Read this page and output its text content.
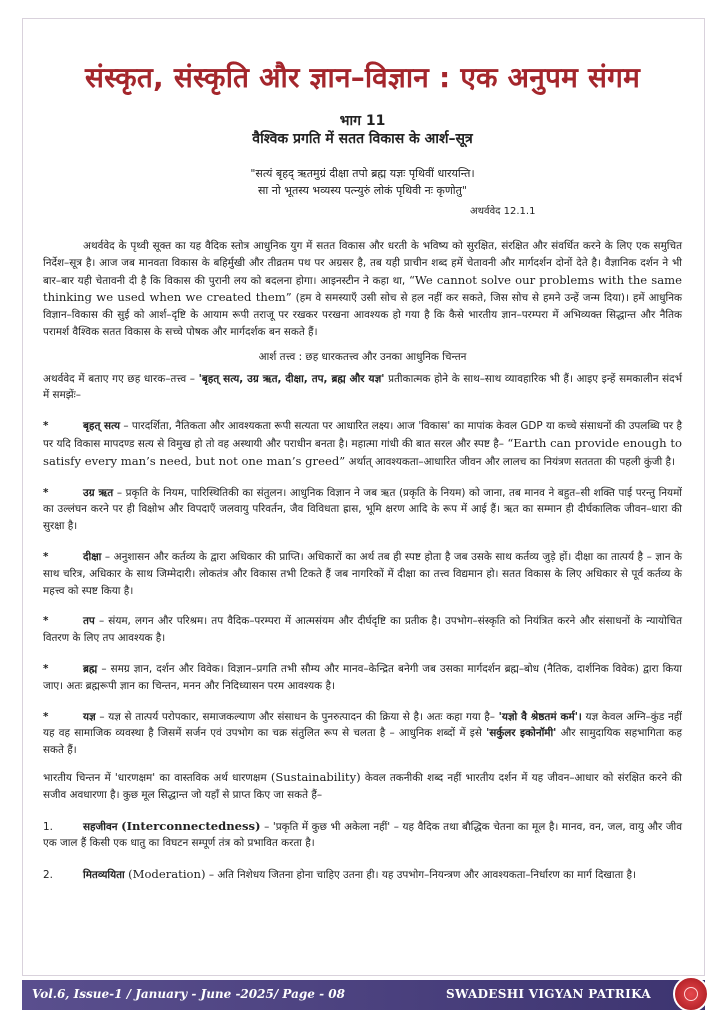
संस्कृत, संस्कृति और ज्ञान–विज्ञान : एक अनुपम संगम
भाग 11
वैश्विक प्रगति में सतत विकास के आर्श–सूत्र
"सत्यं बृहद् ऋतमुग्रं दीक्षा तपो ब्रह्म यज्ञः पृथिवीं धारयन्ति।
सा नो भूतस्य भव्यस्य पत्न्युरुं लोकं पृथिवी नः कृणोतु"
अथर्ववेद 12.1.1

अथर्ववेद के पृथ्वी सूक्त का यह वैदिक स्तोत्र आधुनिक युग में सतत विकास और धरती के भविष्य को सुरक्षित, संरक्षित और संवर्धित करने के लिए एक समुचित निर्देश–सूत्र है। आज जब मानवता विकास के बहिर्मुखी और तीव्रतम पथ पर अग्रसर है, तब यही प्राचीन शब्द हमें चेतावनी और मार्गदर्शन दोनों देते है। वैज्ञानिक दर्शन ने भी बार–बार यही चेतावनी दी है कि विकास की पुरानी लय को बदलना होगा। आइनस्टीन ने कहा था, “We cannot solve our problems with the same thinking we used when we created them” (हम वे समस्याएँ उसी सोच से हल नहीं कर सकते, जिस सोच से हमने उन्हें जन्म दिया)। हमें आधुनिक विज्ञान–विकास की सुई को आर्श–दृष्टि के आयाम रूपी तराजू पर रखकर परखना आवश्यक हो गया है कि कैसे भारतीय ज्ञान–परम्परा में अभिव्यक्त सिद्धान्त और नैतिक परामर्श वैश्विक सतत विकास के सच्चे पोषक और मार्गदर्शक बन सकते हैं।

आर्श तत्त्व : छह धारकतत्त्व और उनका आधुनिक चिन्तन

अथर्ववेद में बताए गए छह धारक–तत्त्व – 'बृहत् सत्य, उग्र ऋत, दीक्षा, तप, ब्रह्म और यज्ञ' प्रतीकात्मक होने के साथ–साथ व्यावहारिक भी हैं। आइए इन्हें समकालीन संदर्भ में समझेंः–

*	बृहत् सत्य – पारदर्शिता, नैतिकता और आवश्यकता रूपी सत्यता पर आधारित लक्ष्य। आज 'विकास' का मापांक केवल GDP या कच्चे संसाधनों की उपलब्धि पर है पर यदि विकास मापदण्ड सत्य से विमुख हो तो वह अस्थायी और पराधीन बनता है। महात्मा गांधी की बात सरल और स्पष्ट है– “Earth can provide enough to satisfy every man’s need, but not one man’s greed” अर्थात् आवश्यकता–आधारित जीवन और लालच का नियंत्रण सततता की पहली कुंजी है।

*	उग्र ऋत – प्रकृति के नियम, पारिस्थितिकी का संतुलन। आधुनिक विज्ञान ने जब ऋत (प्रकृति के नियम) को जाना, तब मानव ने बहुत–सी शक्ति पाई परन्तु नियमों का उल्लंघन करने पर ही विक्षोभ और विपदाएँ जलवायु परिवर्तन, जैव विविधता ह्रास, भूमि क्षरण आदि के रूप में आई हैं। ऋत का सम्मान ही दीर्घकालिक जीवन–धारा की सुरक्षा है।

*	दीक्षा – अनुशासन और कर्तव्य के द्वारा अधिकार की प्राप्ति। अधिकारों का अर्थ तब ही स्पष्ट होता है जब उसके साथ कर्तव्य जुड़े हों। दीक्षा का तात्पर्य है – ज्ञान के साथ चरित्र, अधिकार के साथ जिम्मेदारी। लोकतंत्र और विकास तभी टिकते हैं जब नागरिकों में दीक्षा का तत्त्व विद्यमान हो। सतत विकास के लिए अधिकार से पूर्व कर्तव्य के महत्त्व को स्पष्ट किया है।

*	तप – संयम, लगन और परिश्रम। तप वैदिक–परम्परा में आत्मसंयम और दीर्घदृष्टि का प्रतीक है। उपभोग–संस्कृति को नियंत्रित करने और संसाधनों के न्यायोचित वितरण के लिए तप आवश्यक है।

*	ब्रह्म – समग्र ज्ञान, दर्शन और विवेक। विज्ञान–प्रगति तभी सौम्य और मानव–केन्द्रित बनेगी जब उसका मार्गदर्शन ब्रह्म–बोध (नैतिक, दार्शनिक विवेक) द्वारा किया जाए। अतः ब्रह्मरूपी ज्ञान का चिन्तन, मनन और निदिध्यासन परम आवश्यक है।

*	यज्ञ – यज्ञ से तात्पर्य परोपकार, समाजकल्याण और संसाधन के पुनरुत्पादन की क्रिया से है। अतः कहा गया है– 'यज्ञो वै श्रेष्ठतमं कर्म'। यज्ञ केवल अग्नि–कुंड नहीं यह वह सामाजिक व्यवस्था है जिसमें सर्जन एवं उपभोग का चक्र संतुलित रूप से चलता है – आधुनिक शब्दों में इसे 'सर्कुलर इकोनॉमी' और सामुदायिक सहभागिता कह सकते हैं।

भारतीय चिन्तन में 'धारणक्षम' का वास्तविक अर्थ धारणक्षम (Sustainability) केवल तकनीकी शब्द नहीं भारतीय दर्शन में यह जीवन–आधार को संरक्षित करने की सजीव अवधारणा है। कुछ मूल सिद्धान्त जो यहाँ से प्राप्त किए जा सकते हैं–

1.	सहजीवन (Interconnectedness) – 'प्रकृति में कुछ भी अकेला नहीं' – यह वैदिक तथा बौद्धिक चेतना का मूल है। मानव, वन, जल, वायु और जीव एक जाल हैं किसी एक धातु का विघटन सम्पूर्ण तंत्र को प्रभावित करता है।

2.	मितव्ययिता (Moderation) – अति निशेधय जितना होना चाहिए उतना ही। यह उपभोग–नियन्त्रण और आवश्यकता–निर्धारण का मार्ग दिखाता है।

Vol.6, Issue-1 / January - June -2025/ Page - 08	SWADESHI VIGYAN PATRIKA
